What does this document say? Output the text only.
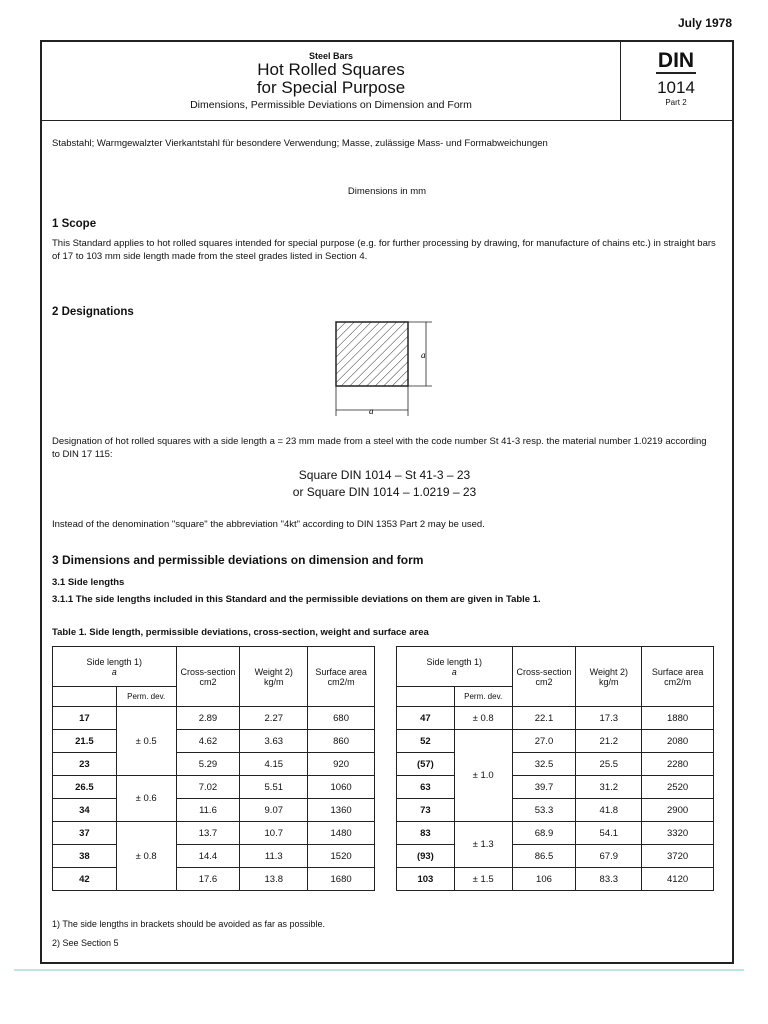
July 1978
Steel Bars
Hot Rolled Squares
for Special Purpose
Dimensions, Permissible Deviations on Dimension and Form
DIN
1014
Part 2
Stabstahl; Warmgewalzter Vierkantstahl für besondere Verwendung; Masse, zulässige Mass- und Formabweichungen
Dimensions in mm
1 Scope
This Standard applies to hot rolled squares intended for special purpose (e.g. for further processing by drawing, for manufacture of chains etc.) in straight bars of 17 to 103 mm side length made from the steel grades listed in Section 4.
2 Designations
a
a
Designation of hot rolled squares with a side length a = 23 mm made from a steel with the code number St 41-3 resp. the material number 1.0219 according to DIN 17 115:
Square DIN 1014 – St 41-3 – 23
or Square DIN 1014 – 1.0219 – 23
Instead of the denomination "square" the abbreviation "4kt" according to DIN 1353 Part 2 may be used.
3 Dimensions and permissible deviations on dimension and form
3.1 Side lengths
3.1.1 The side lengths included in this Standard and the permissible deviations on them are given in Table 1.
Table 1. Side length, permissible deviations, cross-section, weight and surface area
Side length 1)
a		Cross-section
cm2	Weight 2)
kg/m	Surface area
cm2/m
	Perm. dev.			
17	± 0.5	2.89	2.27	680
21.5		4.62	3.63	860
23		5.29	4.15	920
26.5	± 0.6	7.02	5.51	1060
34		11.6	9.07	1360
37	± 0.8	13.7	10.7	1480
38		14.4	11.3	1520
42		17.6	13.8	1680
Side length 1)
a		Cross-section
cm2	Weight 2)
kg/m	Surface area
cm2/m
	Perm. dev.			
47	± 0.8	22.1	17.3	1880
52	± 1.0	27.0	21.2	2080
(57)		32.5	25.5	2280
63		39.7	31.2	2520
73		53.3	41.8	2900
83	± 1.3	68.9	54.1	3320
(93)		86.5	67.9	3720
103	± 1.5	106	83.3	4120
1) The side lengths in brackets should be avoided as far as possible.
2) See Section 5
